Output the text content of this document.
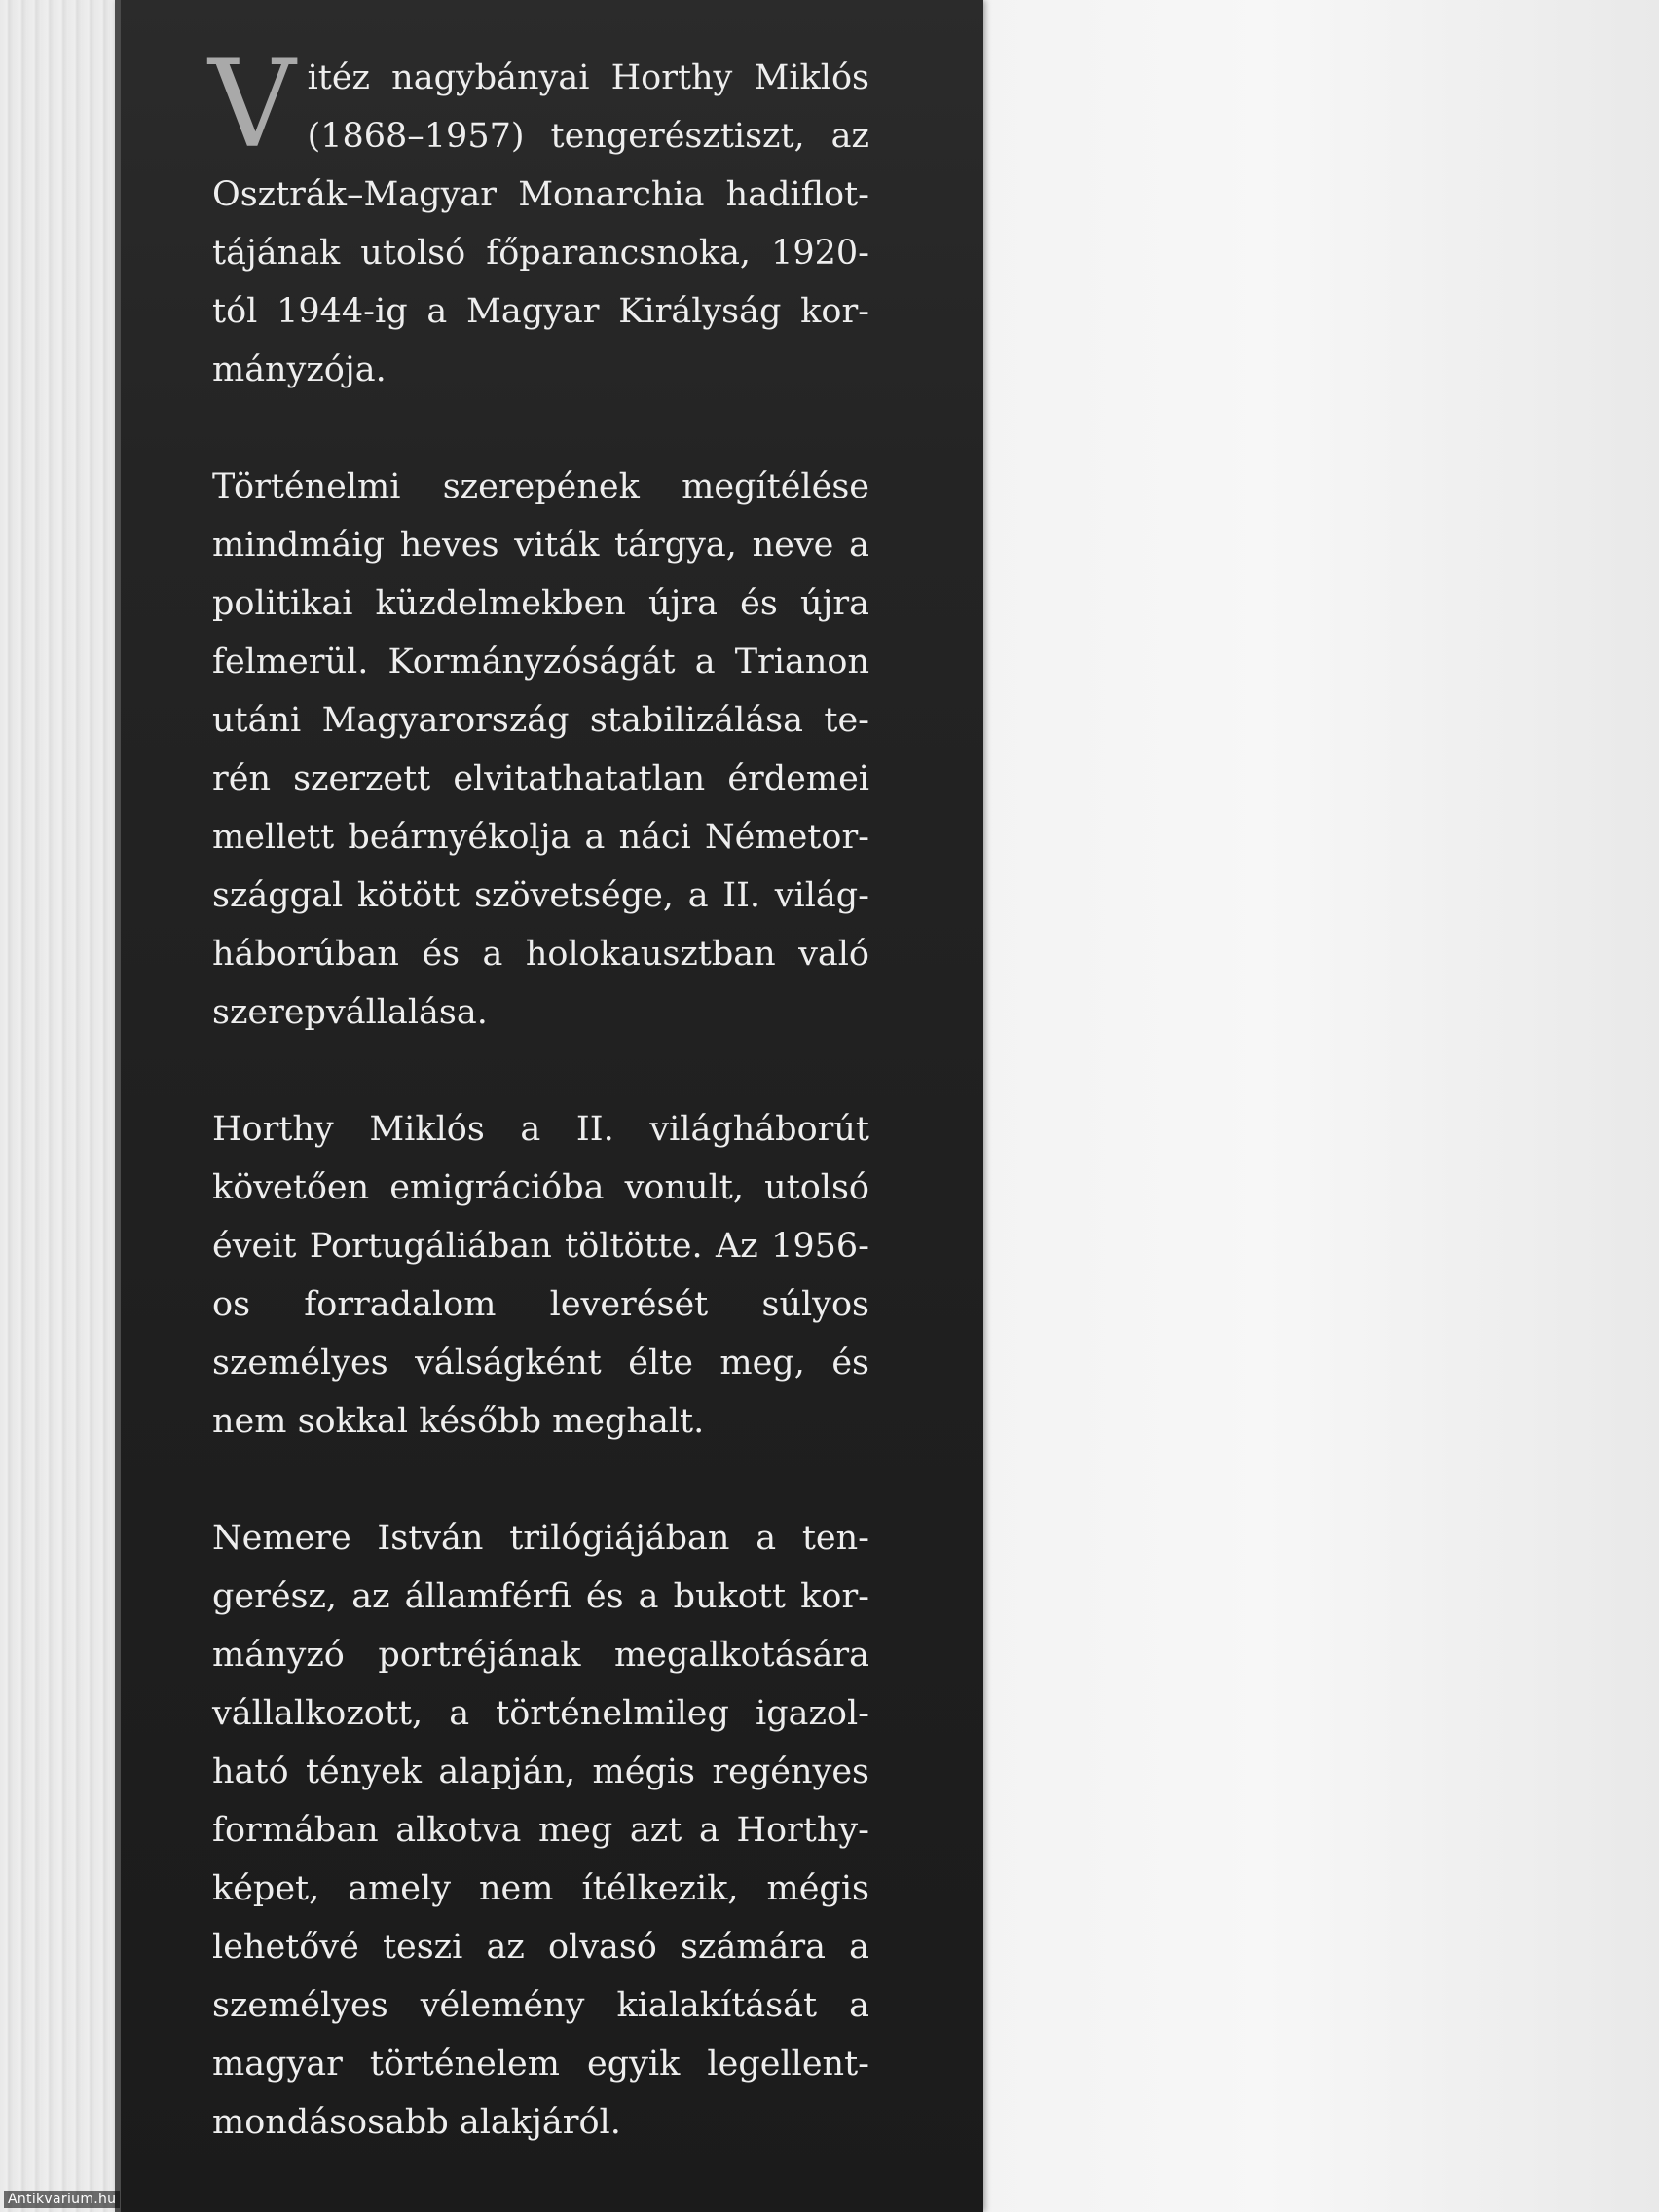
Vitéz nagybányai Horthy Miklós (1868–1957) tengerésztiszt, az Osztrák–Magyar Monarchia hadiflottájának utolsó főparancsnoka, 1920tól 1944-ig a Magyar Királyság kormányzója.

Történelmi szerepének megítélése mindmáig heves viták tárgya, neve a politikai küzdelmekben újra és újra felmerül. Kormányzóságát a Trianon utáni Magyarország stabilizálása terén szerzett elvitathatatlan érdemei mellett beárnyékolja a náci Németországgal kötött szövetsége, a II. világháborúban és a holokausztban való szerepvállalása.

Horthy Miklós a II. világháborút követően emigrációba vonult, utolsó éveit Portugáliában töltötte. Az 1956-os forradalom leverését súlyos személyes válságként élte meg, és nem sokkal később meghalt.

Nemere István trilógiájában a tengerész, az államférfi és a bukott kormányzó portréjának megalkotására vállalkozott, a történelmileg igazolható tények alapján, mégis regényes formában alkotva meg azt a Horthyképet, amely nem ítélkezik, mégis lehetővé teszi az olvasó számára a személyes vélemény kialakítását a magyar történelem egyik legellentmondásosabb alakjáról.

Antikvarium.hu
